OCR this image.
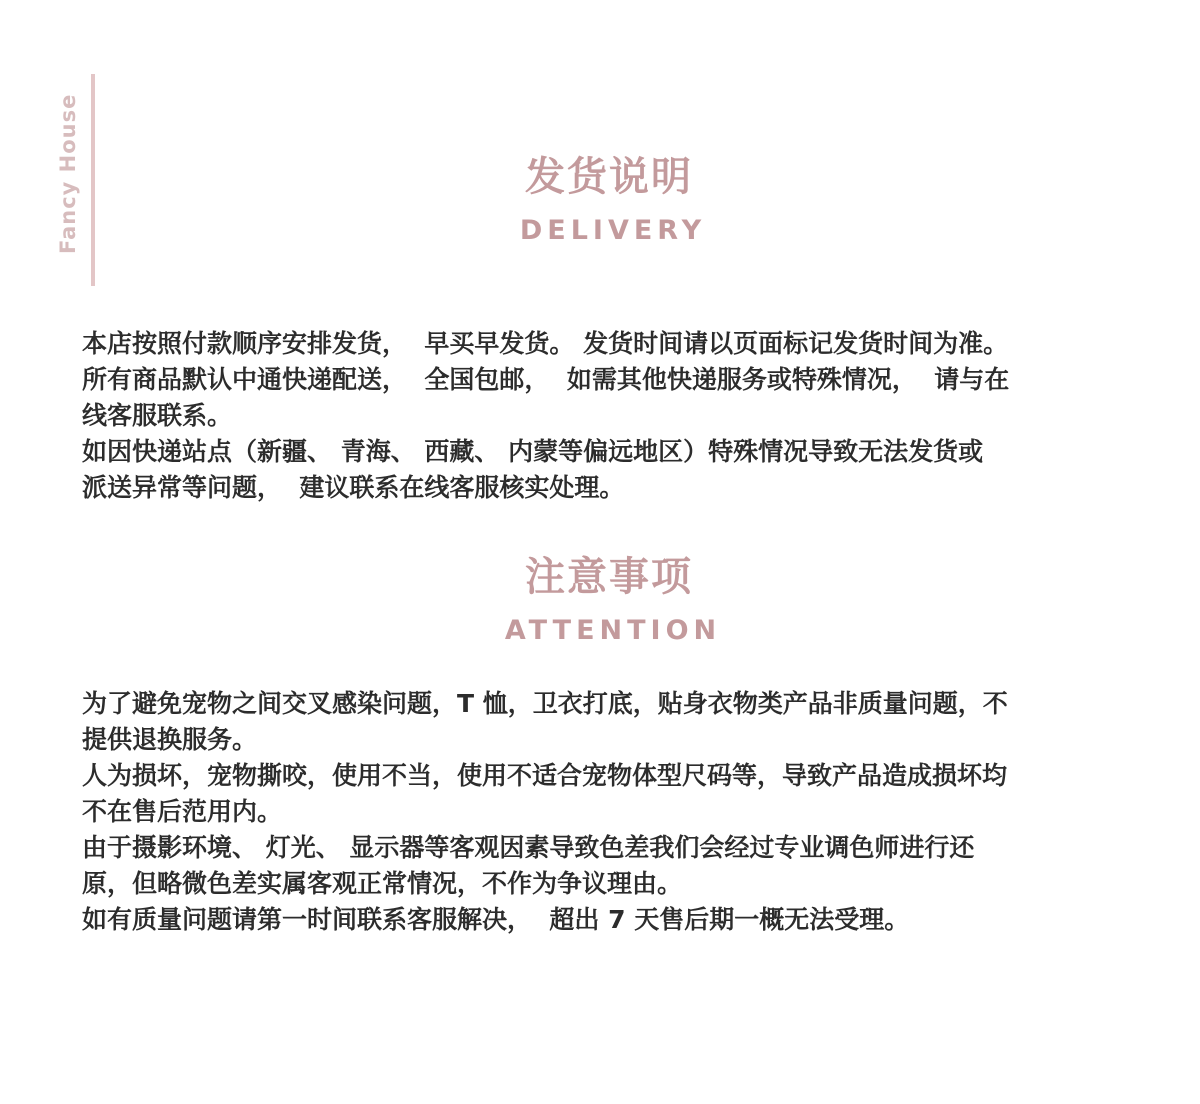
Fancy House	发货说明
DELIVERY

本店按照付款顺序安排发货，  早买早发货。 发货时间请以页面标记发货时间为准。

所有商品默认中通快递配送，  全国包邮，  如需其他快递服务或特殊情况，  请与在

线客服联系。

如因快递站点（新疆、 青海、 西藏、 内蒙等偏远地区）特殊情况导致无法发货或

派送异常等问题，  建议联系在线客服核实处理。

注意事项
ATTENTION

为了避免宠物之间交叉感染问题，T 恤，卫衣打底，贴身衣物类产品非质量问题，不

提供退换服务。

人为损坏，宠物撕咬，使用不当，使用不适合宠物体型尺码等，导致产品造成损坏均

不在售后范用内。

由于摄影环境、 灯光、 显示器等客观因素导致色差我们会经过专业调色师进行还

原，但略微色差实属客观正常情况，不作为争议理由。

如有质量问题请第一时间联系客服解决，  超出 7 天售后期一概无法受理。
